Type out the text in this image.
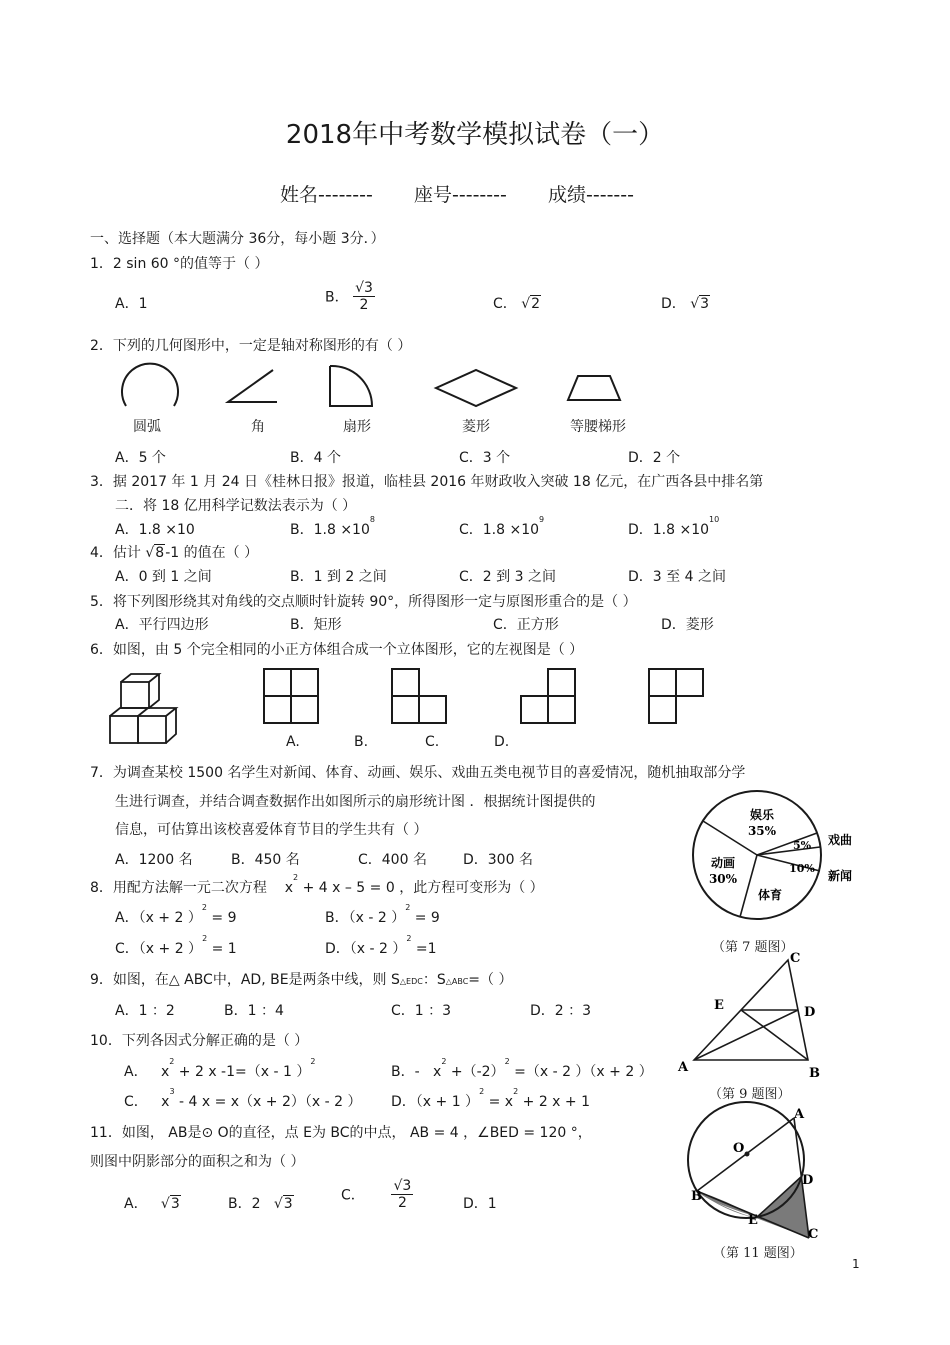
2018年中考数学模拟试卷（一）
姓名-------- 座号-------- 成绩-------
一、选择题（本大题满分 36分，每小题 3分．）
1．2 sin 60 °的值等于（ ）
A．1	B． $\frac{√3}{2}$	C． √2	D． √3
2．下列的几何图形中，一定是轴对称图形的有（ ）
圆弧	角	扇形	菱形	等腰梯形
A．5 个	B．4 个	C．3 个	D．2 个
3．据 2017 年 1 月 24 日《桂林日报》报道，临桂县 2016 年财政收入突破 18 亿元，在广西各县中排名第
二．将 18 亿用科学记数法表示为（ ）
A．1.8 ×10	B．$1.8 \times 10^8$
C．$1.8 \times 10^9$
D．$1.8 \times 10^{10}$
4．估计 √8-1 的值在（ ）
A．0 到 1 之间	B．1 到 2 之间	C．2 到 3 之间	D．3 至 4 之间
5．将下列图形绕其对角线的交点顺时针旋转 90°，所得图形一定与原图形重合的是（ ）
A．平行四边形	B．矩形	C．正方形	D．菱形
6．如图，由 5 个完全相同的小正方体组合成一个立体图形，它的左视图是（ ）
A.	B.	C.	D.
7．为调查某校 1500 名学生对新闻、体育、动画、娱乐、戏曲五类电视节目的喜爱情况，随机抽取部分学
生进行调查，并结合调查数据作出如图所示的扇形统计图 ．根据统计图提供的
信息，可估算出该校喜爱体育节目的学生共有（ ）
A．1200 名	B．450 名	C．400 名	D．300 名
娱乐
35%
5%
10%
动画
30%
体育
戏曲
新闻
（第 7 题图）
8．用配方法解一元二次方程 $x^2 + 4$ x – 5 = 0 ，此方程可变形为（ ）
A．（x + 2 ）$^2$ = 9	B．（x - 2 ）$^2$ = 9
C．（x + 2 ）$^2$ = 1	D．（x - 2 ）$^2$ =1
9．如图，在△ ABC中，AD, BE是两条中线，则 S△EDC：S△ABC=（ ）
A．1 ：2	B．1 ：4	C．1 ：3	D．2 ：3
C
E	D
A	B
（第 9 题图）
10．下列各因式分解正确的是（ ）
A． $x^2 + 2$ x -1=（x - 1 ）$^2$
B．- $x^2 +(-2)^2 =(x - 2$ ）（x + 2 ）
C． $x^3 - 4$ x = x（x + 2）（x - 2 ） D．（x + 1 ）$^2 = x^2 + 2$ x + 1
11．如图， AB是⊙ O的直径，点 E为 BC的中点， AB = 4 ，∠BED = 120 °，
则图中阴影部分的面积之和为（ ）
A．   √3	B．2   √3
C． $\frac{√3}{2}$	D．1
A
O
D
B
E
C
（第 11 题图）
1
